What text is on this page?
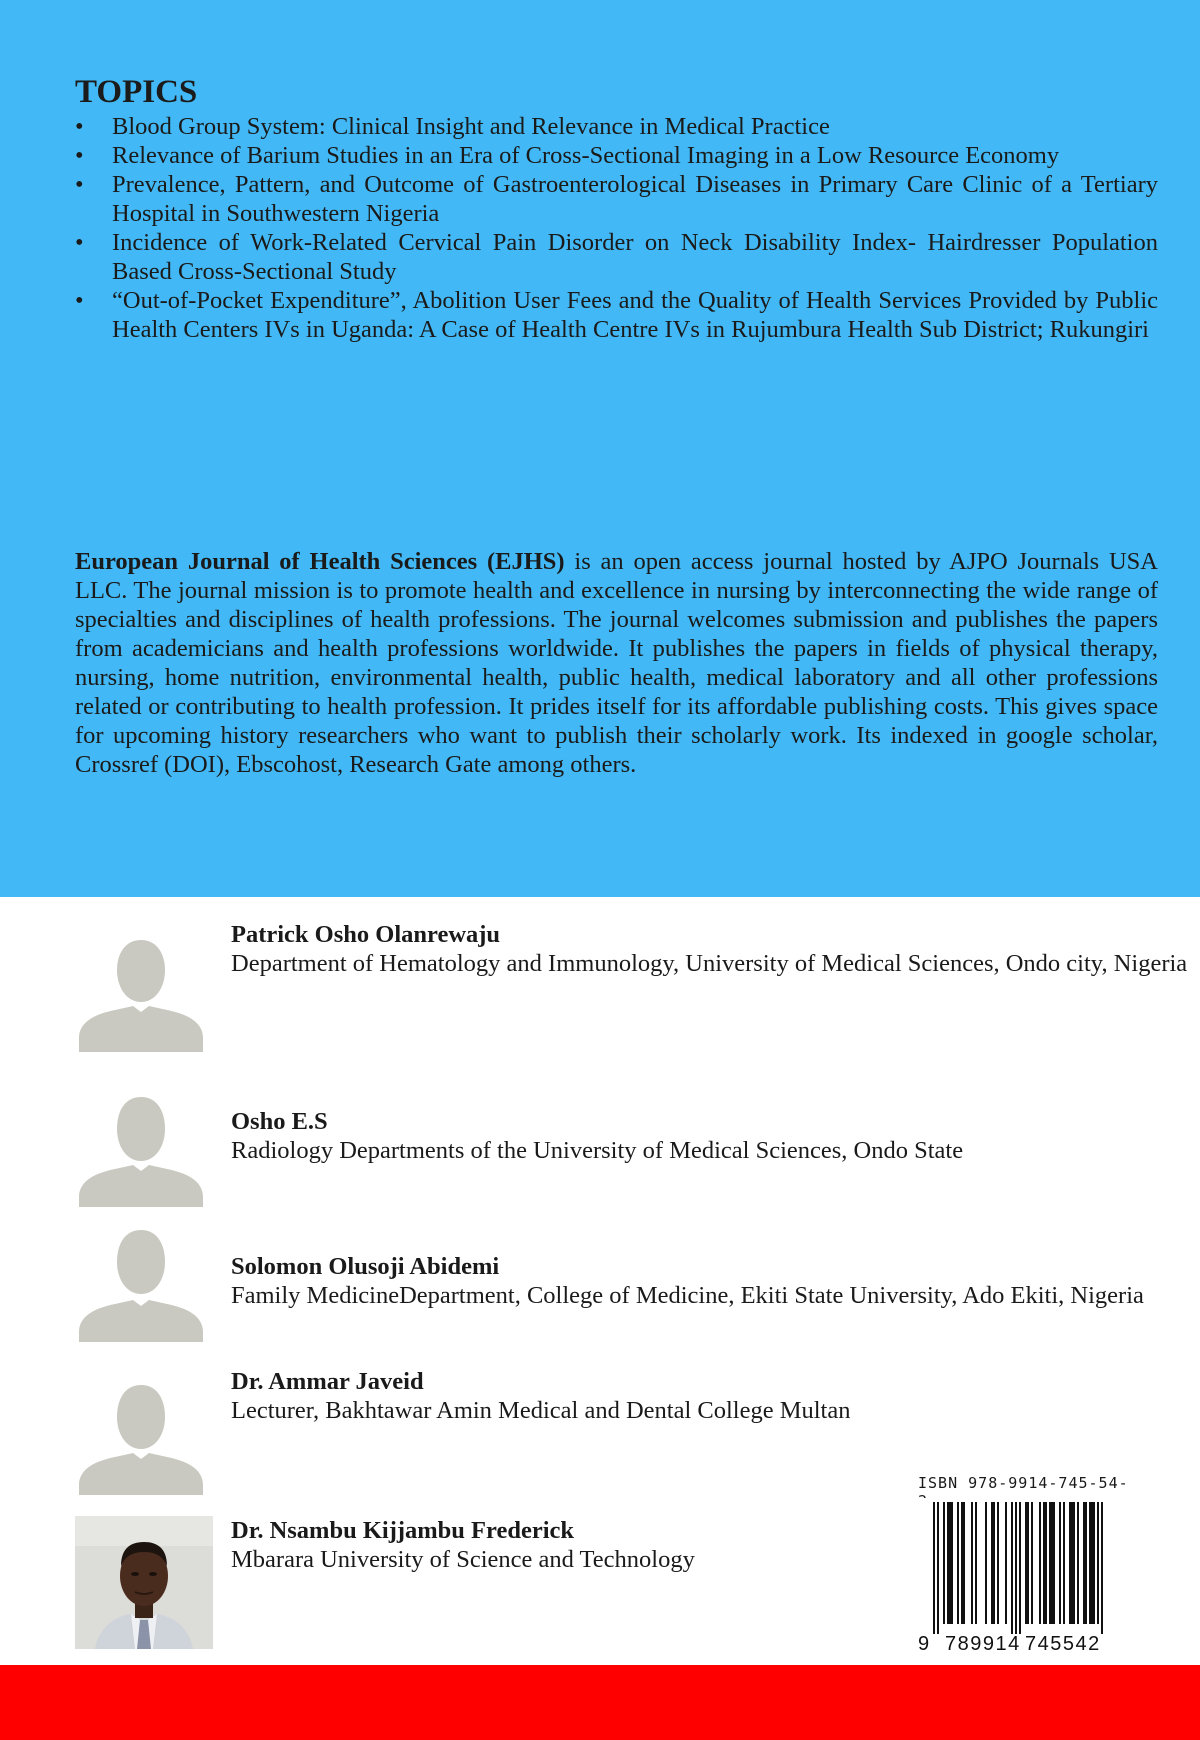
TOPICS
• Blood Group System: Clinical Insight and Relevance in Medical Practice
• Relevance of Barium Studies in an Era of Cross-Sectional Imaging in a Low Resource Economy
• Prevalence, Pattern, and Outcome of Gastroenterological Diseases in Primary Care Clinic of a Tertiary Hospital in Southwestern Nigeria
• Incidence of Work-Related Cervical Pain Disorder on Neck Disability Index- Hairdresser Population Based Cross-Sectional Study
• “Out-of-Pocket Expenditure”, Abolition User Fees and the Quality of Health Services Provided by Public Health Centers IVs in Uganda: A Case of Health Centre IVs in Rujumbura Health Sub District; Rukungiri

European Journal of Health Sciences (EJHS) is an open access journal hosted by AJPO Journals USA LLC. The journal mission is to promote health and excellence in nursing by interconnecting the wide range of specialties and disciplines of health professions. The journal welcomes submission and publishes the papers from academicians and health professions worldwide. It publishes the papers in fields of physical therapy, nursing, home nutrition, environmental health, public health, medical laboratory and all other professions related or contributing to health profession. It prides itself for its affordable publishing costs. This gives space for upcoming history researchers who want to publish their scholarly work. Its indexed in google scholar, Crossref (DOI), Ebscohost, Research Gate among others.

Patrick Osho Olanrewaju
Department of Hematology and Immunology, University of Medical Sciences, Ondo city, Nigeria
Osho E.S
Radiology Departments of the University of Medical Sciences, Ondo State
Solomon Olusoji Abidemi
Family MedicineDepartment, College of Medicine, Ekiti State University, Ado Ekiti, Nigeria
Dr. Ammar Javeid
Lecturer, Bakhtawar Amin Medical and Dental College Multan
Dr. Nsambu Kijjambu Frederick
Mbarara University of Science and Technology
ISBN 978-9914-745-54-
9 789914 745542
